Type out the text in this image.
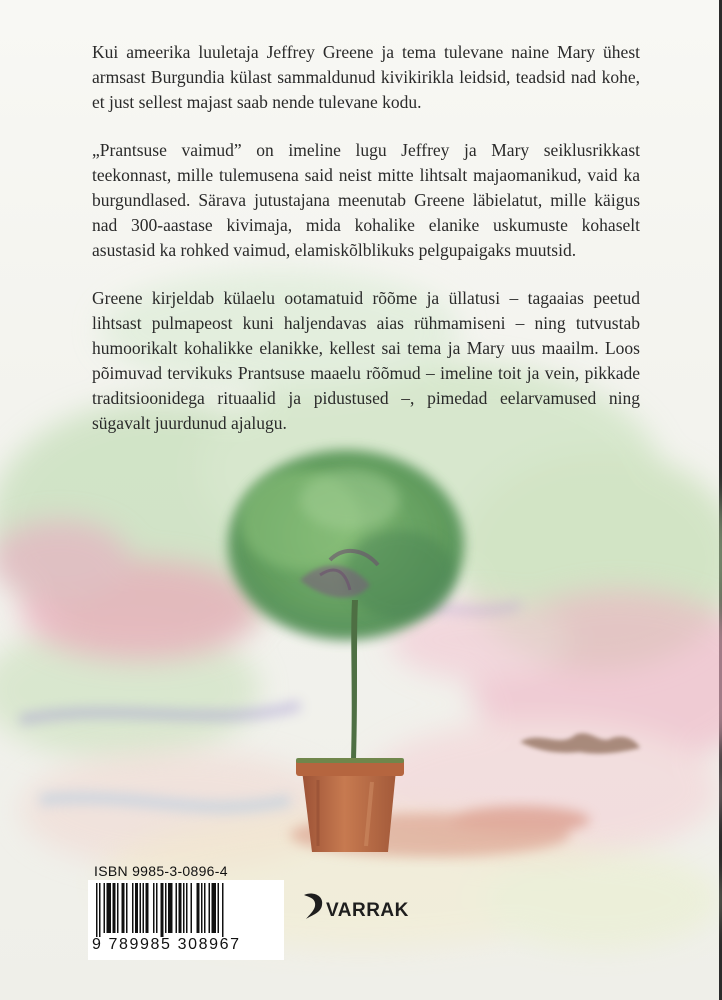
Kui ameerika luuletaja Jeffrey Greene ja tema tulevane naine Mary ühest armsast Burgundia külast sammaldunud kivikirikla leidsid, teadsid nad kohe, et just sellest majast saab nende tulevane kodu.

„Prantsuse vaimud” on imeline lugu Jeffrey ja Mary seiklusrikkast teekonnast, mille tulemusena said neist mitte lihtsalt majaomanikud, vaid ka burgundlased. Särava jutustajana meenutab Greene läbielatut, mille käigus nad 300-aastase kivimaja, mida kohalike elanike uskumuste kohaselt asustasid ka rohked vaimud, elamiskõlblikuks pelgupaigaks muutsid.

Greene kirjeldab külaelu ootamatuid rõõme ja üllatusi – tagaaias peetud lihtsast pulmapeost kuni haljendavas aias rühmamiseni – ning tutvustab humoorikalt kohalikke elanikke, kellest sai tema ja Mary uus maailm. Loos põimuvad tervikuks Prantsuse maaelu rõõmud – imeline toit ja vein, pikkade traditsioonidega rituaalid ja pidustused –, pimedad eelarvamused ning sügavalt juurdunud ajalugu.

ISBN 9985-3-0896-4
9 789985 308967
VARRAK
